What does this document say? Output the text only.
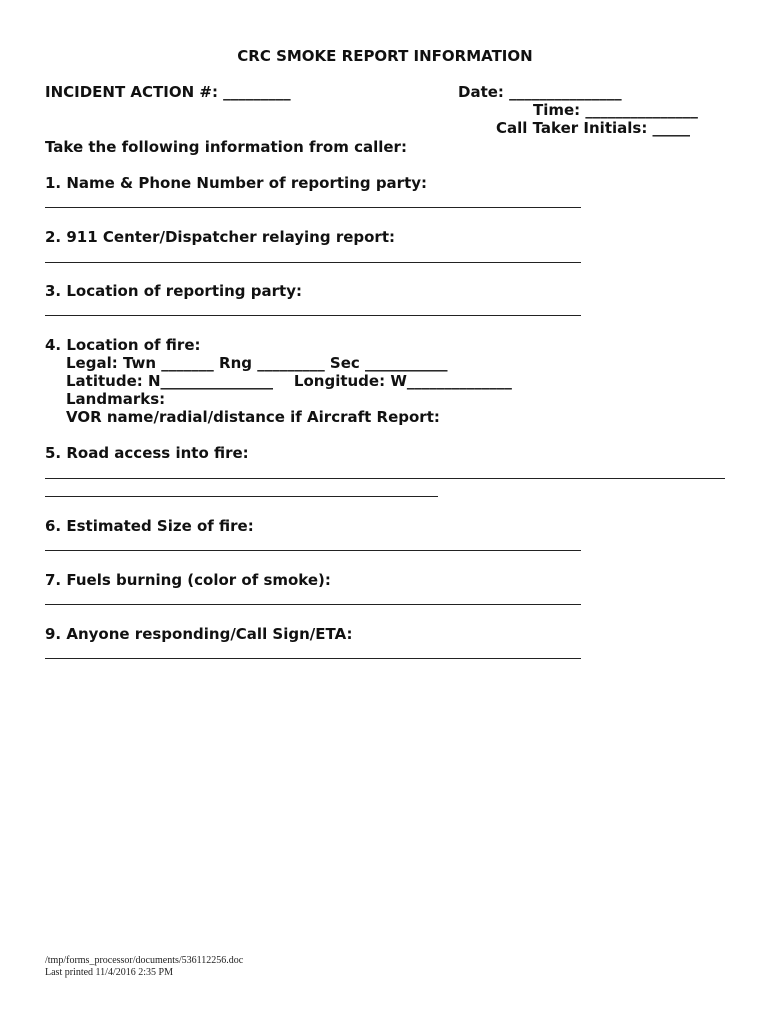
CRC SMOKE REPORT INFORMATION
INCIDENT ACTION #: _________	Date: _______________
Time: _______________
Call Taker Initials: _____
Take the following information from caller:
1. Name & Phone Number of reporting party:
2. 911 Center/Dispatcher relaying report:
3. Location of reporting party:
4. Location of fire:
Legal: Twn _______ Rng _________ Sec ___________
Latitude: N_______________    Longitude: W______________
Landmarks:
VOR name/radial/distance if Aircraft Report:
5. Road access into fire:
6. Estimated Size of fire:
7. Fuels burning (color of smoke):
9. Anyone responding/Call Sign/ETA:
/tmp/forms_processor/documents/536112256.doc
Last printed 11/4/2016 2:35 PM
